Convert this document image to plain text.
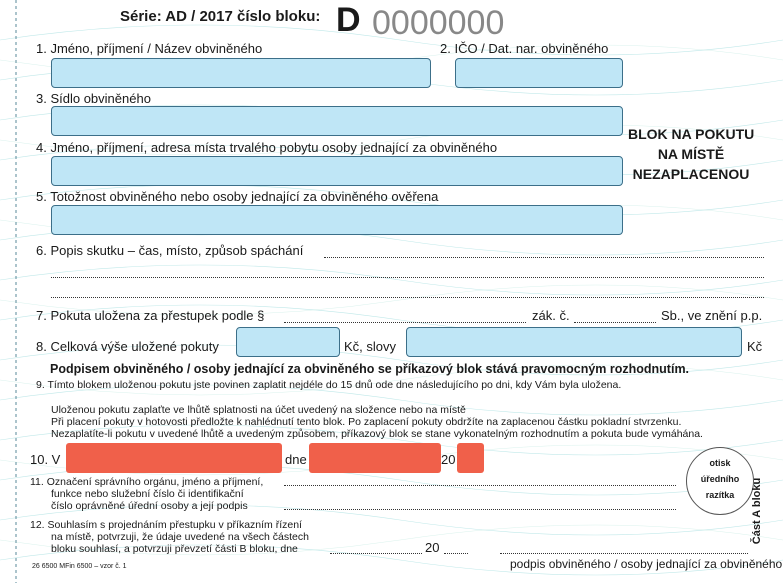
Série: AD / 2017 číslo bloku: D 0000000
1. Jméno, příjmení / Název obviněného	2. IČO / Dat. nar. obviněného
3. Sídlo obviněného
BLOK NA POKUTU
NA MÍSTĚ
NEZAPLACENOU
4. Jméno, příjmení, adresa místa trvalého pobytu osoby jednající za obviněného
5. Totožnost obviněného nebo osoby jednající za obviněného ověřena
6. Popis skutku – čas, místo, způsob spáchání
7. Pokuta uložena za přestupek podle §	zák. č.	Sb., ve znění p.p.
8. Celková výše uložené pokuty	Kč, slovy	Kč
Podpisem obviněného / osoby jednající za obviněného se příkazový blok stává pravomocným rozhodnutím.
9. Tímto blokem uloženou pokutu jste povinen zaplatit nejdéle do 15 dnů ode dne následujícího po dni, kdy Vám byla uložena.
Uloženou pokutu zaplaťte ve lhůtě splatnosti na účet uvedený na složence nebo na místě
Při placení pokuty v hotovosti předložte k nahlédnutí tento blok. Po zaplacení pokuty obdržíte na zaplacenou částku pokladní stvrzenku.
Nezaplatíte-li pokutu v uvedené lhůtě a uvedeným způsobem, příkazový blok se stane vykonatelným rozhodnutím a pokuta bude vymáhána.
10. V	dne	20
11. Označení správního orgánu, jméno a příjmení,
funkce nebo služební číslo či identifikační
číslo oprávněné úřední osoby a její podpis
otisk
úředního
razítka
12. Souhlasím s projednáním přestupku v příkazním řízení
na místě, potvrzuji, že údaje uvedené na všech částech
bloku souhlasí, a potvrzuji převzetí části B bloku, dne	20
podpis obviněného / osoby jednající za obviněného
26 6500 MFin 6500 – vzor č. 1
Část A bloku
